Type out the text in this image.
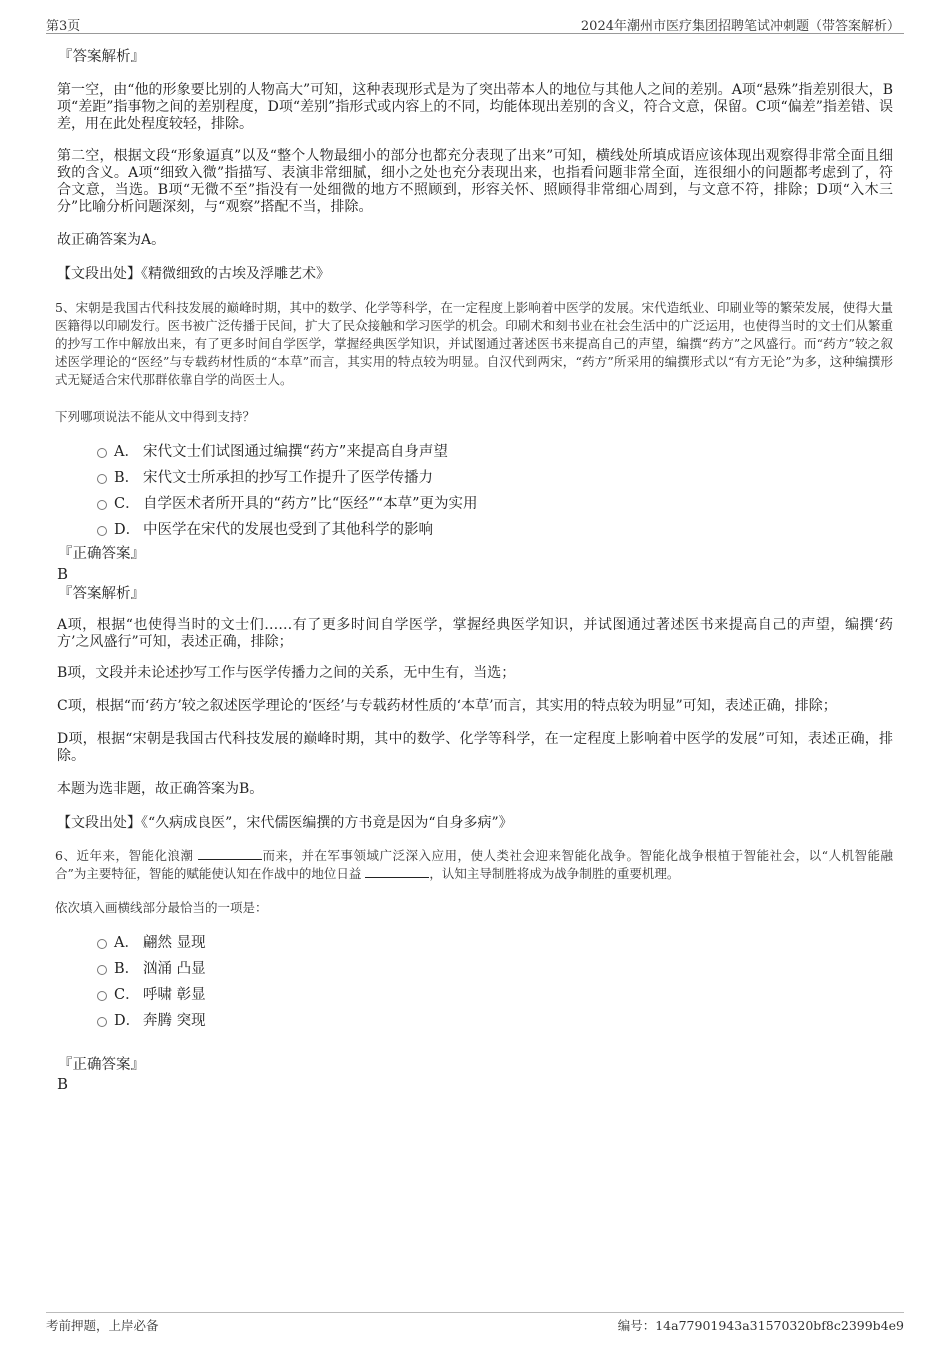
第3页	2024年潮州市医疗集团招聘笔试冲刺题（带答案解析）
『答案解析』

第一空，由“他的形象要比别的人物高大”可知，这种表现形式是为了突出蒂本人的地位与其他人之间的差别。A项“悬殊”指差别很大，B项“差距”指事物之间的差别程度，D项“差别”指形式或内容上的不同，均能体现出差别的含义，符合文意，保留。C项“偏差”指差错、误差，用在此处程度较轻，排除。

第二空，根据文段“形象逼真”以及“整个人物最细小的部分也都充分表现了出来”可知，横线处所填成语应该体现出观察得非常全面且细致的含义。A项“细致入微”指描写、表演非常细腻，细小之处也充分表现出来，也指看问题非常全面，连很细小的问题都考虑到了，符合文意，当选。B项“无微不至”指没有一处细微的地方不照顾到，形容关怀、照顾得非常细心周到，与文意不符，排除；D项“入木三分”比喻分析问题深刻，与“观察”搭配不当，排除。

故正确答案为A。

【文段出处】《精微细致的古埃及浮雕艺术》

5、宋朝是我国古代科技发展的巅峰时期，其中的数学、化学等科学，在一定程度上影响着中医学的发展。宋代造纸业、印刷业等的繁荣发展，使得大量医籍得以印刷发行。医书被广泛传播于民间，扩大了民众接触和学习医学的机会。印刷术和刻书业在社会生活中的广泛运用，也使得当时的文士们从繁重的抄写工作中解放出来，有了更多时间自学医学，掌握经典医学知识，并试图通过著述医书来提高自己的声望，编撰“药方”之风盛行。而“药方”较之叙述医学理论的“医经”与专载药材性质的“本草”而言，其实用的特点较为明显。自汉代到两宋，“药方”所采用的编撰形式以“有方无论”为多，这种编撰形式无疑适合宋代那群依靠自学的尚医士人。

下列哪项说法不能从文中得到支持？

A． 宋代文士们试图通过编撰“药方”来提高自身声望
B． 宋代文士所承担的抄写工作提升了医学传播力
C． 自学医术者所开具的“药方”比“医经”“本草”更为实用
D． 中医学在宋代的发展也受到了其他科学的影响
『正确答案』
B
『答案解析』

A项，根据“也使得当时的文士们……有了更多时间自学医学，掌握经典医学知识，并试图通过著述医书来提高自己的声望，编撰‘药方’之风盛行”可知，表述正确，排除；

B项，文段并未论述抄写工作与医学传播力之间的关系，无中生有，当选；

C项，根据“而‘药方’较之叙述医学理论的‘医经’与专载药材性质的‘本草’而言，其实用的特点较为明显”可知，表述正确，排除；

D项，根据“宋朝是我国古代科技发展的巅峰时期，其中的数学、化学等科学，在一定程度上影响着中医学的发展”可知，表述正确，排除。

本题为选非题，故正确答案为B。

【文段出处】《“久病成良医”，宋代儒医编撰的方书竟是因为“自身多病”》

6、近年来，智能化浪潮	而来，并在军事领域广泛深入应用，使人类社会迎来智能化战争。智能化战争根植于智能社会，以“人机智能融合”为主要特征，智能的赋能使认知在作战中的地位日益	，认知主导制胜将成为战争制胜的重要机理。

依次填入画横线部分最恰当的一项是：

A． 翩然 显现
B． 汹涌 凸显
C． 呼啸 彰显
D． 奔腾 突现
『正确答案』
B
考前押题，上岸必备	编号：14a77901943a31570320bf8c2399b4e9
